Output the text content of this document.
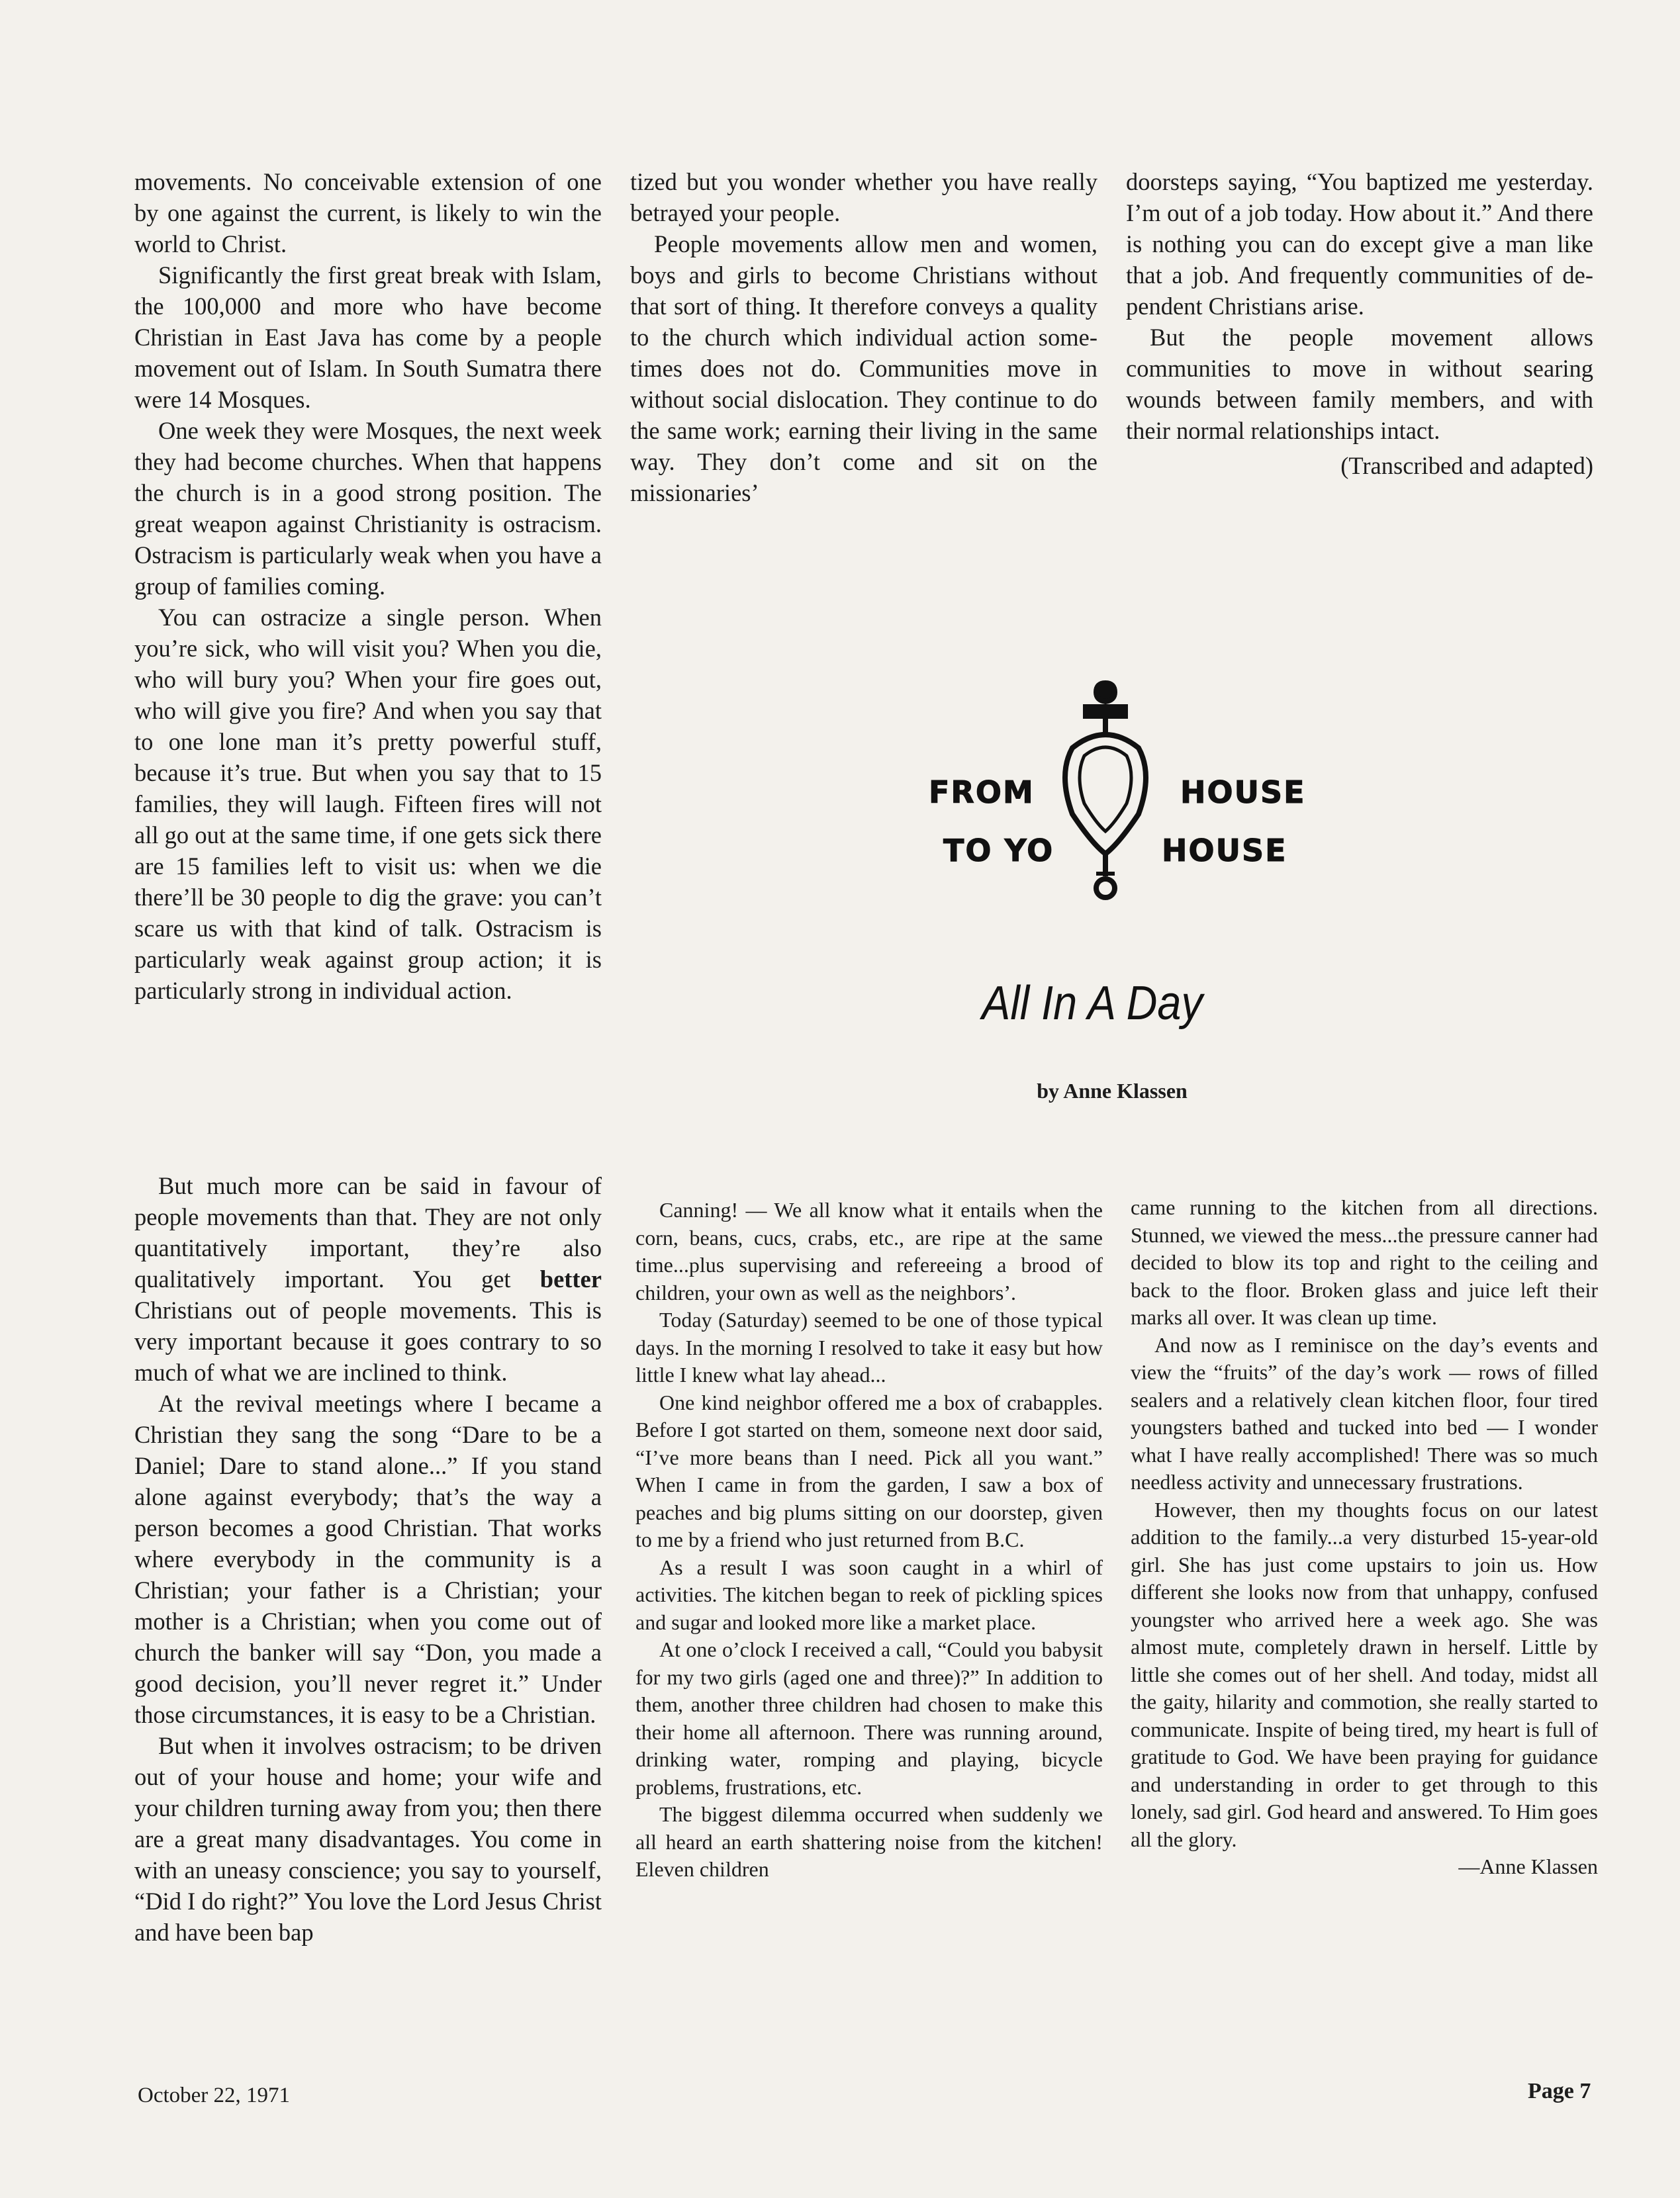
movements. No conceivable extension of one by one against the current, is likely to win the world to Christ.

Significantly the first great break with Islam, the 100,000 and more who have become Christian in East Java has come by a people movement out of Islam. In South Sumatra there were 14 Mosques.

One week they were Mosques, the next week they had become churches. When that happens the church is in a good strong position. The great weapon against Christianity is ostracism. Ostracism is particularly weak when you have a group of families coming.

You can ostracize a single person. When you’re sick, who will visit you? When you die, who will bury you? When your fire goes out, who will give you fire? And when you say that to one lone man it’s pretty powerful stuff, because it’s true. But when you say that to 15 families, they will laugh. Fifteen fires will not all go out at the same time, if one gets sick there are 15 families left to visit us: when we die there’ll be 30 people to dig the grave: you can’t scare us with that kind of talk. Ostracism is particularly weak against group action; it is particularly strong in individual action.

tized but you wonder whether you have really betrayed your people.

People movements allow men and women, boys and girls to become Christians without that sort of thing. It therefore conveys a quality to the church which individual action sometimes does not do. Communities move in without social dislocation. They continue to do the same work; earning their living in the same way. They don’t come and sit on the missionaries’

doorsteps saying, “You baptized me yesterday. I’m out of a job today. How about it.” And there is nothing you can do except give a man like that a job. And frequently communities of dependent Christians arise.

But the people movement allows communities to move in without searing wounds between family members, and with their normal relationships intact.

(Transcribed and adapted)

FROM	HOUSE
TO YO	HOUSE
All In A Day
by Anne Klassen

But much more can be said in favour of people movements than that. They are not only quantitatively important, they’re also qualitatively important. You get better Christians out of people movements. This is very important because it goes contrary to so much of what we are inclined to think.

At the revival meetings where I became a Christian they sang the song “Dare to be a Daniel; Dare to stand alone...” If you stand alone against everybody; that’s the way a person becomes a good Christian. That works where everybody in the community is a Christian; your father is a Christian; your mother is a Christian; when you come out of church the banker will say “Don, you made a good decision, you’ll never regret it.” Under those circumstances, it is easy to be a Christian.

But when it involves ostracism; to be driven out of your house and home; your wife and your children turning away from you; then there are a great many disadvantages. You come in with an uneasy conscience; you say to yourself, “Did I do right?” You love the Lord Jesus Christ and have been bap

Canning! — We all know what it entails when the corn, beans, cucs, crabs, etc., are ripe at the same time...plus supervising and refereeing a brood of children, your own as well as the neighbors’.

Today (Saturday) seemed to be one of those typical days. In the morning I resolved to take it easy but how little I knew what lay ahead...

One kind neighbor offered me a box of crabapples. Before I got started on them, someone next door said, “I’ve more beans than I need. Pick all you want.” When I came in from the garden, I saw a box of peaches and big plums sitting on our doorstep, given to me by a friend who just returned from B.C.

As a result I was soon caught in a whirl of activities. The kitchen began to reek of pickling spices and sugar and looked more like a market place.

At one o’clock I received a call, “Could you babysit for my two girls (aged one and three)?” In addition to them, another three children had chosen to make this their home all afternoon. There was running around, drinking water, romping and playing, bicycle problems, frustrations, etc.

The biggest dilemma occurred when suddenly we all heard an earth shattering noise from the kitchen! Eleven children

came running to the kitchen from all directions. Stunned, we viewed the mess...the pressure canner had decided to blow its top and right to the ceiling and back to the floor. Broken glass and juice left their marks all over. It was clean up time.

And now as I reminisce on the day’s events and view the “fruits” of the day’s work — rows of filled sealers and a relatively clean kitchen floor, four tired youngsters bathed and tucked into bed — I wonder what I have really accomplished! There was so much needless activity and unnecessary frustrations.

However, then my thoughts focus on our latest addition to the family...a very disturbed 15-year-old girl. She has just come upstairs to join us. How different she looks now from that unhappy, confused youngster who arrived here a week ago. She was almost mute, completely drawn in herself. Little by little she comes out of her shell. And today, midst all the gaity, hilarity and commotion, she really started to communicate. Inspite of being tired, my heart is full of gratitude to God. We have been praying for guidance and understanding in order to get through to this lonely, sad girl. God heard and answered. To Him goes all the glory.

—Anne Klassen

October 22, 1971	Page 7
